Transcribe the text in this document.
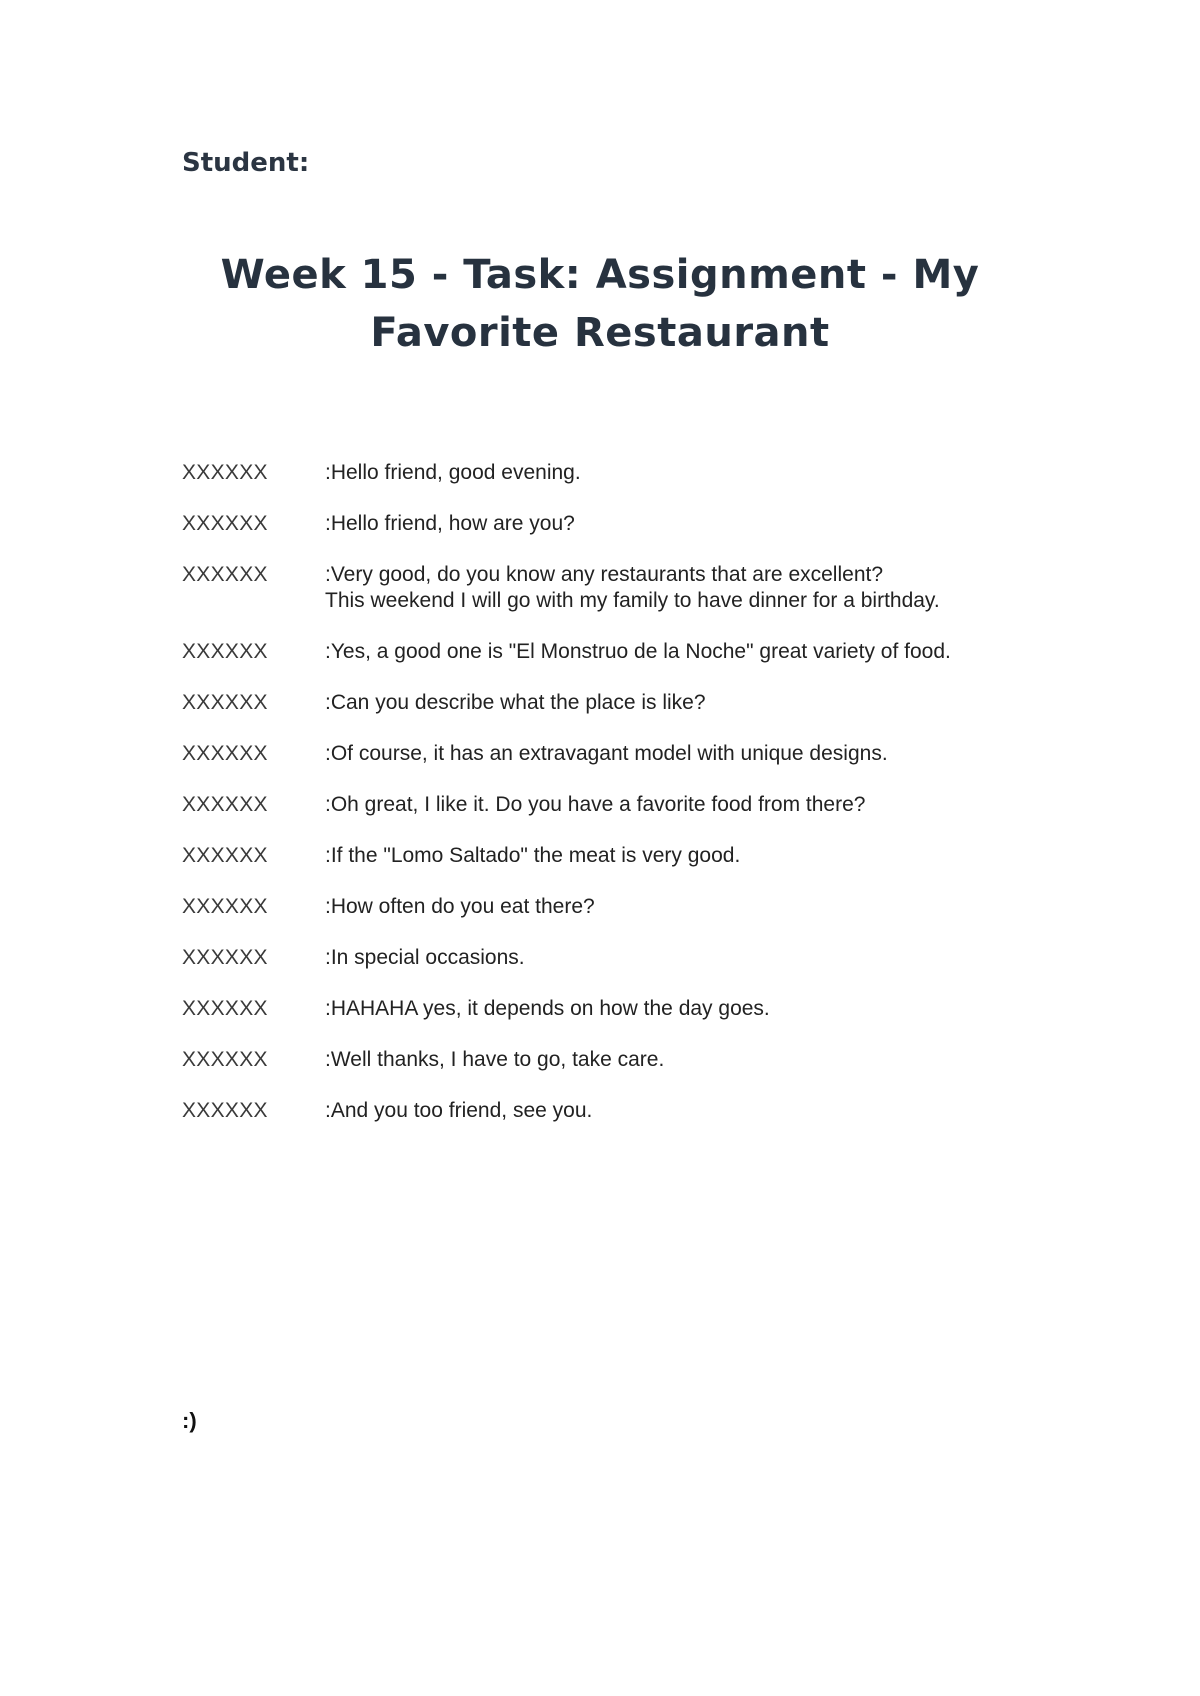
Student:
Week 15 - Task: Assignment - My
Favorite Restaurant
XXXXXX	:Hello friend, good evening.
XXXXXX	:Hello friend, how are you?
XXXXXX	:Very good, do you know any restaurants that are excellent?
This weekend I will go with my family to have dinner for a birthday.
XXXXXX	:Yes, a good one is "El Monstruo de la Noche" great variety of food.
XXXXXX	:Can you describe what the place is like?
XXXXXX	:Of course, it has an extravagant model with unique designs.
XXXXXX	:Oh great, I like it. Do you have a favorite food from there?
XXXXXX	:If the "Lomo Saltado" the meat is very good.
XXXXXX	:How often do you eat there?
XXXXXX	:In special occasions.
XXXXXX	:HAHAHA yes, it depends on how the day goes.
XXXXXX	:Well thanks, I have to go, take care.
XXXXXX	:And you too friend, see you.
:)
